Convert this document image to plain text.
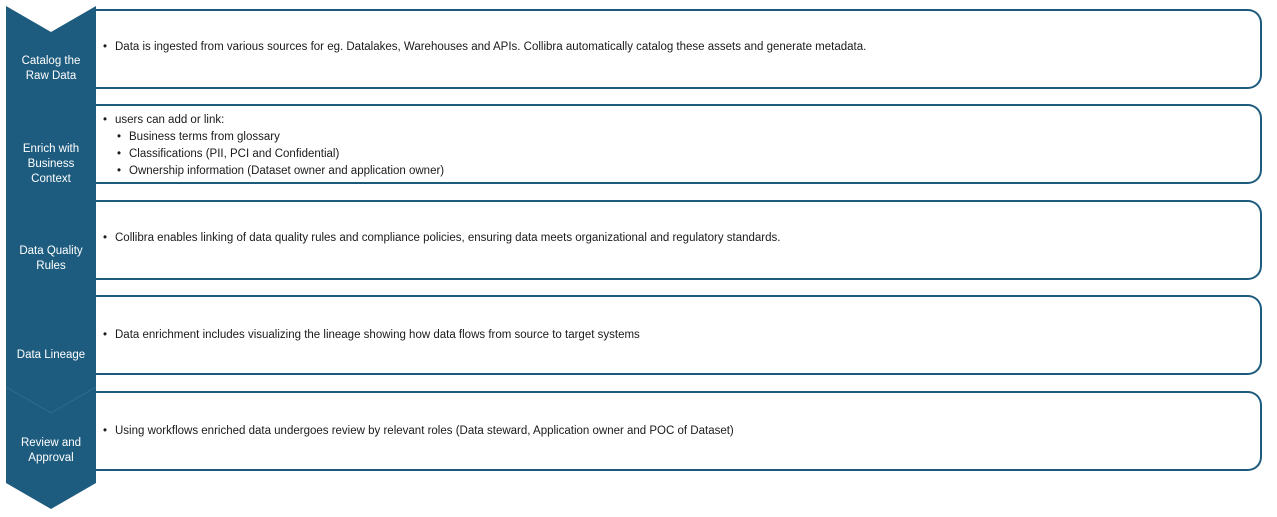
Catalog the
Raw Data
• Data is ingested from various sources for eg. Datalakes, Warehouses and APIs. Collibra automatically catalog these assets and generate metadata.
Enrich with
Business
Context
• users can add or link:
• Business terms from glossary
• Classifications (PII, PCI and Confidential)
• Ownership information (Dataset owner and application owner)
Data Quality
Rules
• Collibra enables linking of data quality rules and compliance policies, ensuring data meets organizational and regulatory standards.
Data Lineage
• Data enrichment includes visualizing the lineage showing how data flows from source to target systems
Review and
Approval
• Using workflows enriched data undergoes review by relevant roles (Data steward, Application owner and POC of Dataset)
